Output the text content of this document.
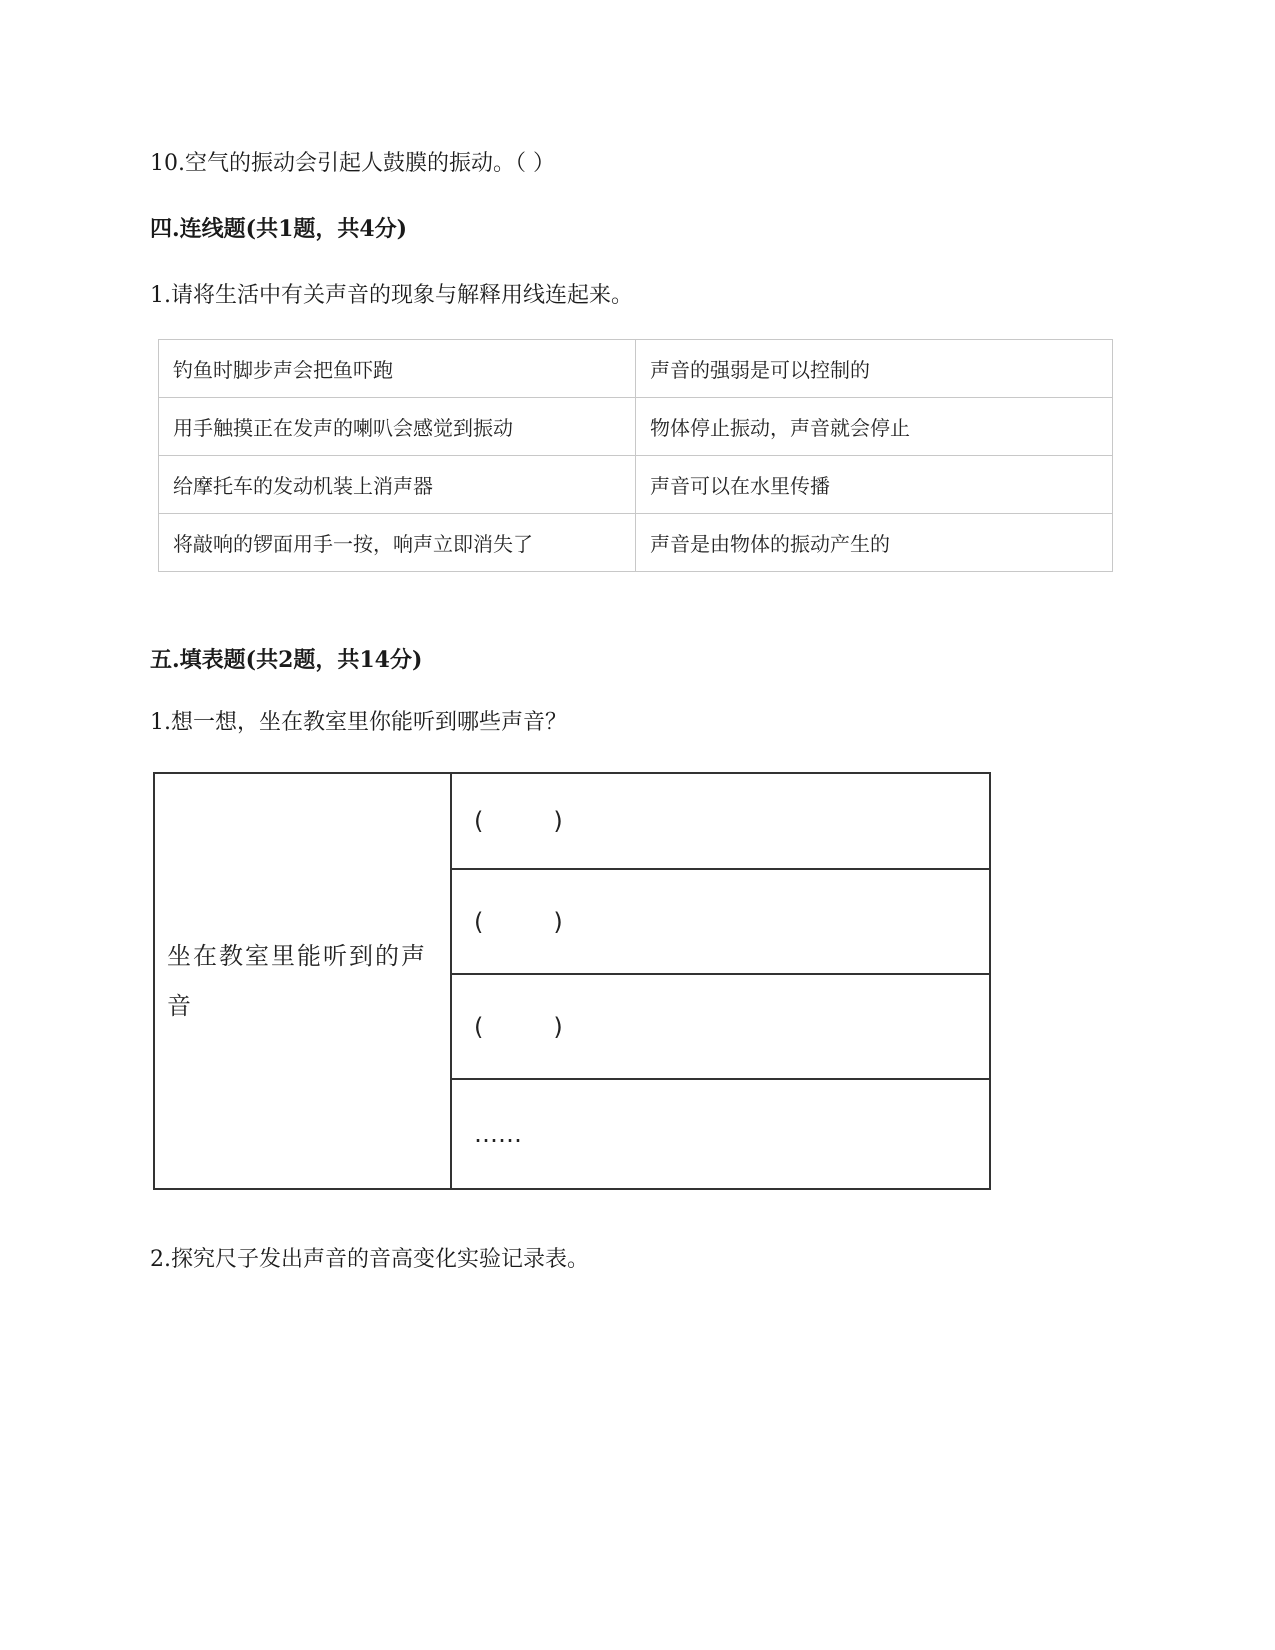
10.空气的振动会引起人鼓膜的振动。（ ）
四.连线题(共1题，共4分)
1.请将生活中有关声音的现象与解释用线连起来。
钓鱼时脚步声会把鱼吓跑	声音的强弱是可以控制的
用手触摸正在发声的喇叭会感觉到振动	物体停止振动，声音就会停止
给摩托车的发动机装上消声器	声音可以在水里传播
将敲响的锣面用手一按，响声立即消失了	声音是由物体的振动产生的
五.填表题(共2题，共14分)
1.想一想，坐在教室里你能听到哪些声音？
坐在教室里能听到的声音	(	)
(	)
(	)
……
2.探究尺子发出声音的音高变化实验记录表。
